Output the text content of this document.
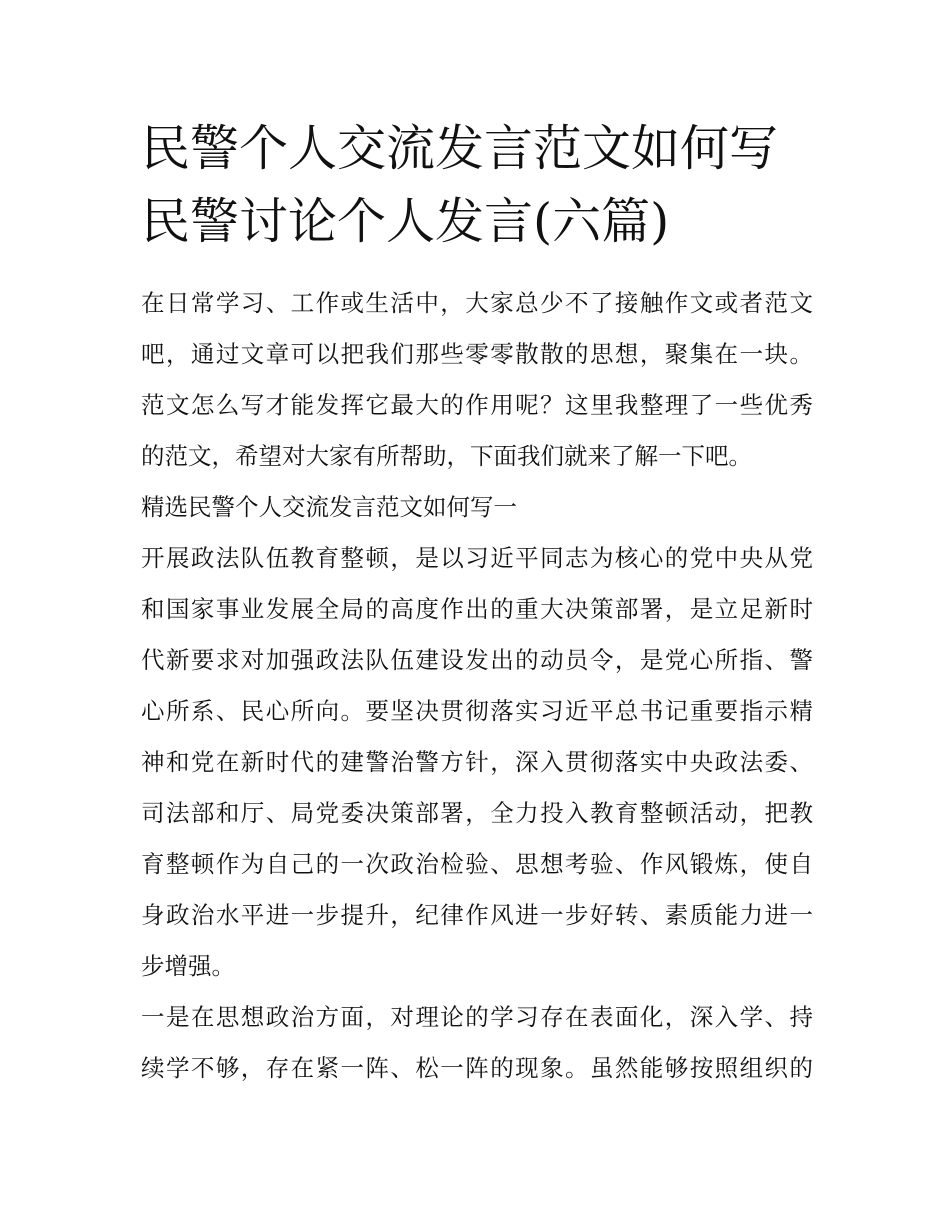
民警个人交流发言范文如何写
民警讨论个人发言(六篇)
在日常学习、工作或生活中，大家总少不了接触作文或者范文
吧，通过文章可以把我们那些零零散散的思想，聚集在一块。
范文怎么写才能发挥它最大的作用呢？这里我整理了一些优秀
的范文，希望对大家有所帮助，下面我们就来了解一下吧。
精选民警个人交流发言范文如何写一
开展政法队伍教育整顿，是以习近平同志为核心的党中央从党
和国家事业发展全局的高度作出的重大决策部署，是立足新时
代新要求对加强政法队伍建设发出的动员令，是党心所指、警
心所系、民心所向。要坚决贯彻落实习近平总书记重要指示精
神和党在新时代的建警治警方针，深入贯彻落实中央政法委、
司法部和厅、局党委决策部署，全力投入教育整顿活动，把教
育整顿作为自己的一次政治检验、思想考验、作风锻炼，使自
身政治水平进一步提升，纪律作风进一步好转、素质能力进一
步增强。
一是在思想政治方面，对理论的学习存在表面化，深入学、持
续学不够，存在紧一阵、松一阵的现象。虽然能够按照组织的
